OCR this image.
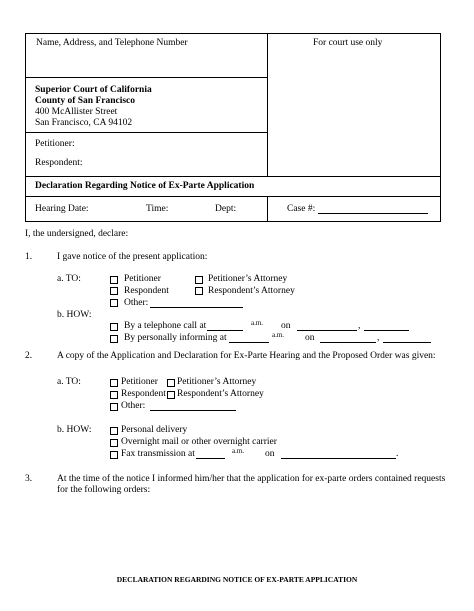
Name, Address, and Telephone Number	For court use only
Superior Court of California
County of San Francisco
400 McAllister Street
San Francisco, CA 94102
Petitioner:
Respondent:
Declaration Regarding Notice of Ex-Parte Application
Hearing Date:	Time:	Dept:	Case #:
I, the undersigned, declare:
1.	I gave notice of the present application:
a. TO:	Petitioner	Petitioner’s Attorney
Respondent	Respondent’s Attorney
Other:
b. HOW:
By a telephone call at	a.m. on	,
By personally informing at	a.m. on	,
2.	A copy of the Application and Declaration for Ex-Parte Hearing and the Proposed Order was given:
a. TO:	Petitioner Petitioner’s Attorney
Respondent Respondent’s Attorney
Other:
b. HOW:	Personal delivery
Overnight mail or other overnight carrier
Fax transmission at	a.m. on	.
3.	At the time of the notice I informed him/her that the application for ex-parte orders contained requests
for the following orders:
DECLARATION REGARDING NOTICE OF EX-PARTE APPLICATION
